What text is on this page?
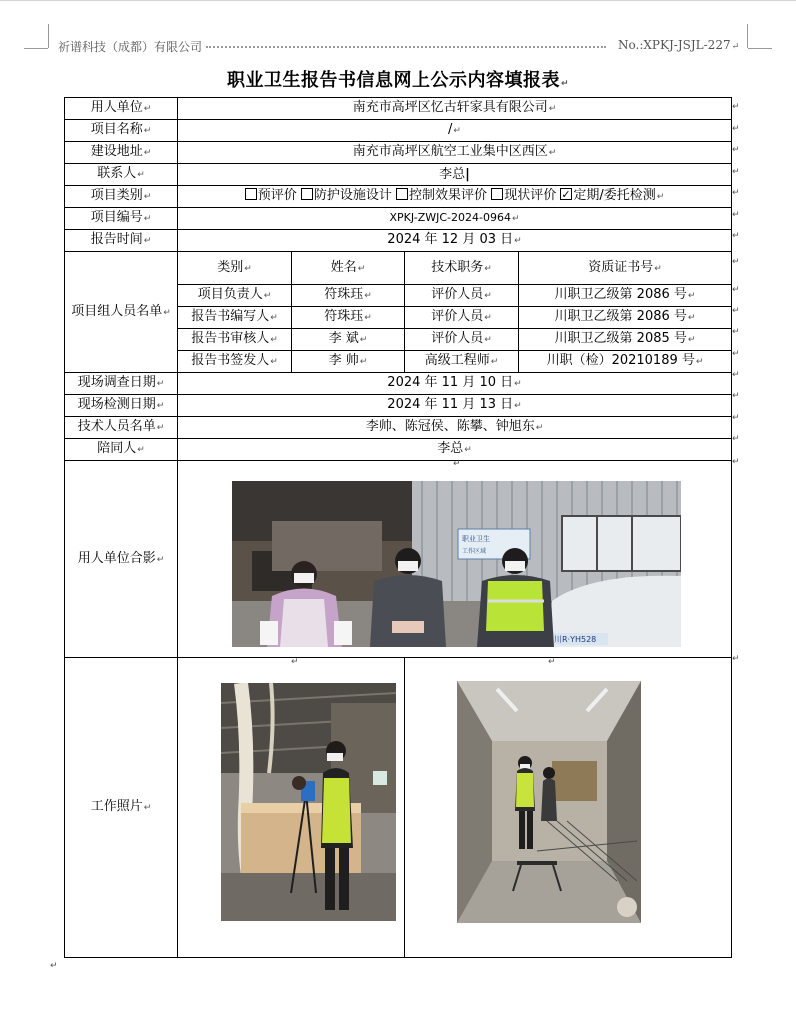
祈谱科技（成都）有限公司	No.:XPKJ-JSJL-227↵
职业卫生报告书信息网上公示内容填报表↵
用人单位↵	南充市高坪区忆古轩家具有限公司↵			
项目名称↵	/↵			
建设地址↵	南充市高坪区航空工业集中区西区↵			
联系人↵	李总|			
项目类别↵	预评价 防护设施设计 控制效果评价 现状评价 ✓ 定期/委托检测↵
项目编号↵	XPKJ-ZWJC-2024-0964↵			
报告时间↵	2024 年 12 月 03 日↵			
项目组人员名单↵	类别↵	姓名↵	技术职务↵	资质证书号↵
	项目负责人↵	符珠珏↵	评价人员↵	川职卫乙级第 2086 号↵
	报告书编写人↵	符珠珏↵	评价人员↵	川职卫乙级第 2086 号↵
	报告书审核人↵	李 斌↵	评价人员↵	川职卫乙级第 2085 号↵
	报告书签发人↵	李 帅↵	高级工程师↵	川职（检）20210189 号↵
现场调查日期↵	2024 年 11 月 10 日↵			
现场检测日期↵	2024 年 11 月 13 日↵			
技术人员名单↵	李帅、陈冠侯、陈攀、钟旭东↵			
陪同人↵	李总↵			
用人单位合影↵				
工作照片↵				
↵
↵
↵
↵
↵
↵
↵
↵
↵
↵
↵
↵
↵
↵
↵
↵
↵
↵
↵
↵	↵
↵
职业卫生
工作区域
川R·YH528
